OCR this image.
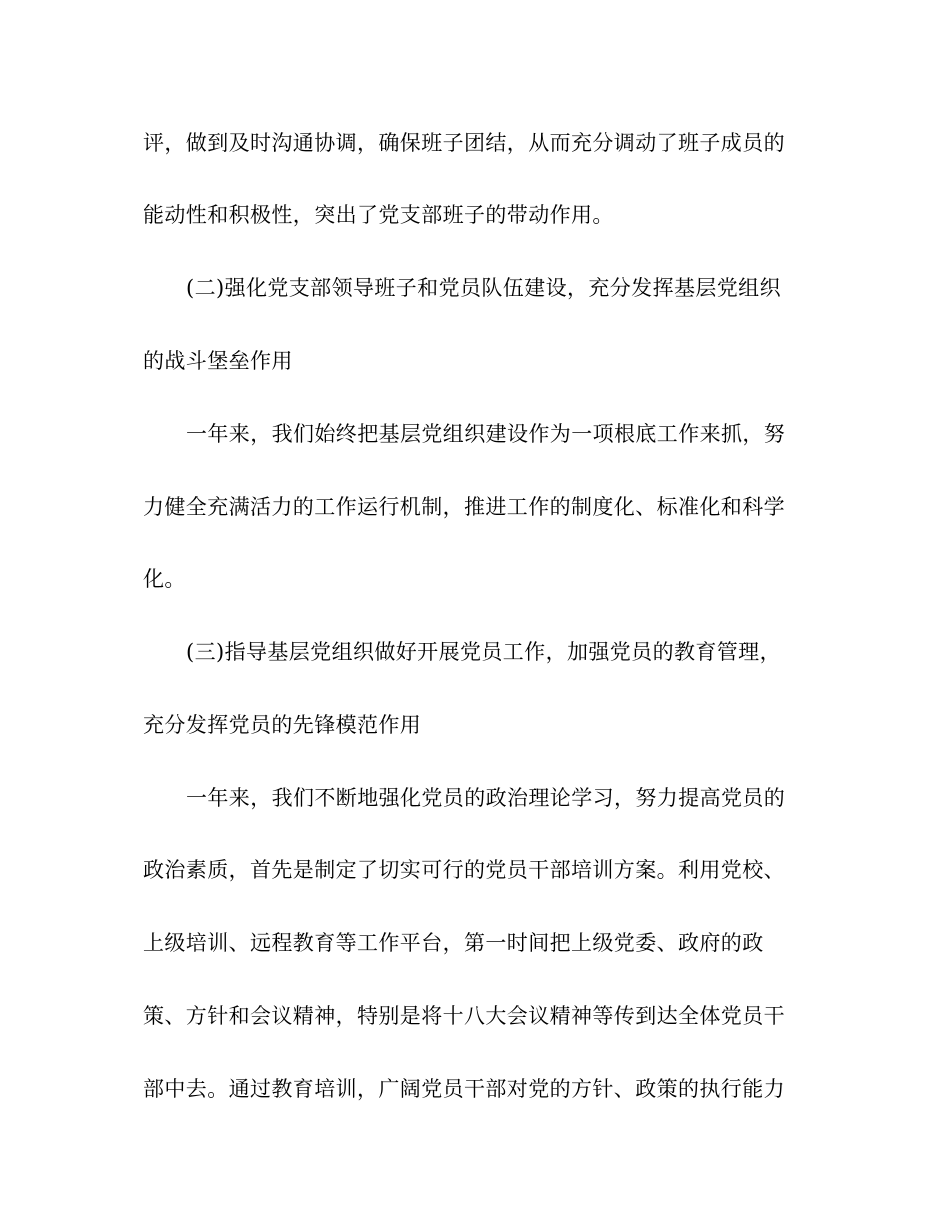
评，做到及时沟通协调，确保班子团结，从而充分调动了班子成员的
能动性和积极性，突出了党支部班子的带动作用。
(二)强化党支部领导班子和党员队伍建设，充分发挥基层党组织
的战斗堡垒作用
一年来，我们始终把基层党组织建设作为一项根底工作来抓，努
力健全充满活力的工作运行机制，推进工作的制度化、标准化和科学
化。
(三)指导基层党组织做好开展党员工作，加强党员的教育管理，
充分发挥党员的先锋模范作用
一年来，我们不断地强化党员的政治理论学习，努力提高党员的
政治素质，首先是制定了切实可行的党员干部培训方案。利用党校、
上级培训、远程教育等工作平台，第一时间把上级党委、政府的政
策、方针和会议精神，特别是将十八大会议精神等传到达全体党员干
部中去。通过教育培训，广阔党员干部对党的方针、政策的执行能力
